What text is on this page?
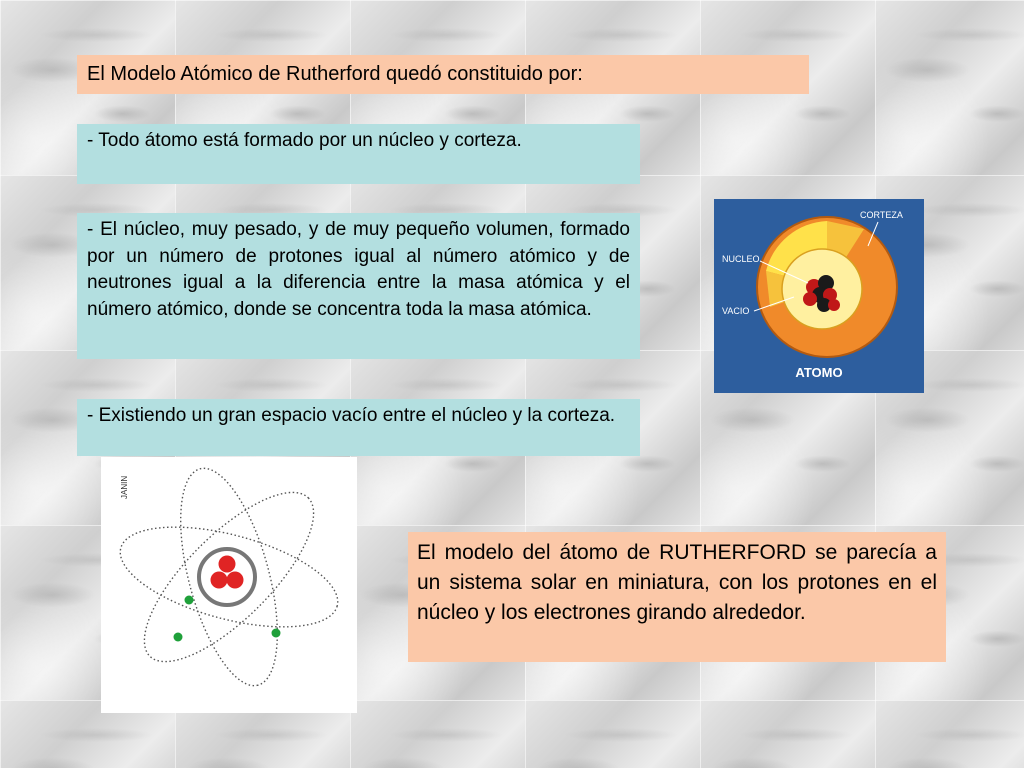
El Modelo Atómico de Rutherford quedó constituido por:
- Todo átomo está formado por un núcleo y corteza.
- El núcleo, muy pesado, y de muy pequeño volumen, formado por un número de protones igual al número atómico y de neutrones igual a la diferencia entre la masa atómica y el número atómico, donde se concentra toda la masa atómica.
- Existiendo un gran espacio vacío entre el núcleo y la corteza.
El modelo del átomo de RUTHERFORD se parecía a un sistema solar en miniatura, con los protones en el núcleo y los electrones girando alrededor.
CORTEZA
NUCLEO
VACIO
ATOMO
JANIN
